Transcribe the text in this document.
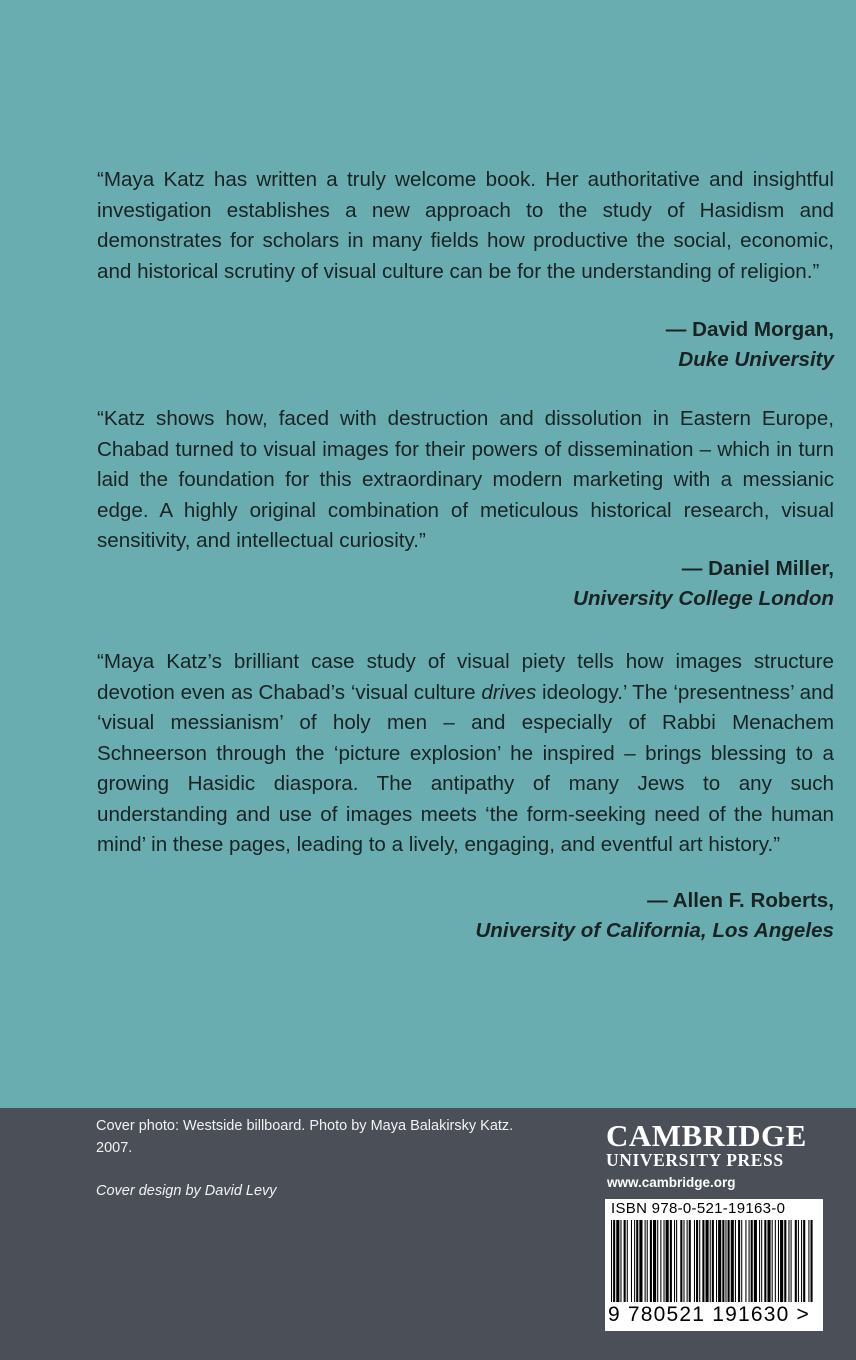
“Maya Katz has written a truly welcome book. Her authoritative and insightful investigation establishes a new approach to the study of Hasidism and demonstrates for scholars in many fields how productive the social, economic, and historical scrutiny of visual culture can be for the understanding of religion.”
— David Morgan,
Duke University
“Katz shows how, faced with destruction and dissolution in Eastern Europe, Chabad turned to visual images for their powers of dissemination – which in turn laid the foundation for this extraordinary modern marketing with a messianic edge. A highly original combination of meticulous historical research, visual sensitivity, and intellectual curiosity.”
— Daniel Miller,
University College London
“Maya Katz’s brilliant case study of visual piety tells how images structure devotion even as Chabad’s ‘visual culture drives ideology.’ The ‘presentness’ and ‘visual messianism’ of holy men – and especially of Rabbi Menachem Schneerson through the ‘picture explosion’ he inspired – brings blessing to a growing Hasidic diaspora. The antipathy of many Jews to any such understanding and use of images meets ‘the form-seeking need of the human mind’ in these pages, leading to a lively, engaging, and eventful art history.”
— Allen F. Roberts,
University of California, Los Angeles
Cover photo: Westside billboard. Photo by Maya Balakirsky Katz. 2007.
Cover design by David Levy
CAMBRIDGE
UNIVERSITY PRESS
www.cambridge.org
ISBN 978-0-521-19163-0
9 780521 191630 >
